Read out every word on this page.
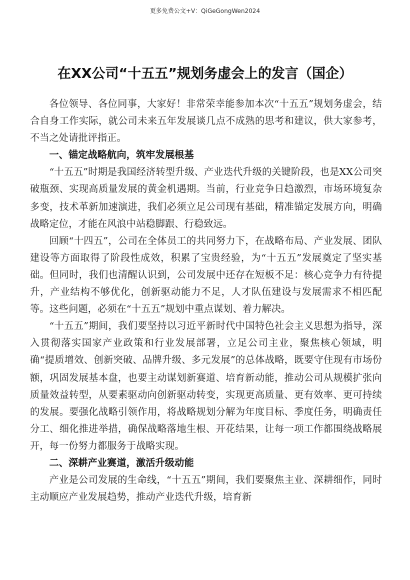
更多免费公文+V：QiGeGongWen2024
在XX公司“十五五”规划务虚会上的发言（国企）

各位领导、各位同事，大家好！非常荣幸能参加本次“十五五”规划务虚会，结合自身工作实际，就公司未来五年发展谈几点不成熟的思考和建议，供大家参考，不当之处请批评指正。

一、锚定战略航向，筑牢发展根基

“十五五”时期是我国经济转型升级、产业迭代升级的关键阶段，也是XX公司突破瓶颈、实现高质量发展的黄金机遇期。当前，行业竞争日趋激烈，市场环境复杂多变，技术革新加速演进，我们必须立足公司现有基础，精准锚定发展方向，明确战略定位，才能在风浪中站稳脚跟、行稳致远。

回顾“十四五”，公司在全体员工的共同努力下，在战略布局、产业发展、团队建设等方面取得了阶段性成效，积累了宝贵经验，为“十五五”发展奠定了坚实基础。但同时，我们也清醒认识到，公司发展中还存在短板不足：核心竞争力有待提升，产业结构不够优化，创新驱动能力不足，人才队伍建设与发展需求不相匹配等。这些问题，必须在“十五五”规划中重点谋划、着力解决。

“十五五”期间，我们要坚持以习近平新时代中国特色社会主义思想为指导，深入贯彻落实国家产业政策和行业发展部署，立足公司主业，聚焦核心领域，明确“提质增效、创新突破、品牌升级、多元发展”的总体战略，既要守住现有市场份额，巩固发展基本盘，也要主动谋划新赛道、培育新动能，推动公司从规模扩张向质量效益转型，从要素驱动向创新驱动转变，实现更高质量、更有效率、更可持续的发展。要强化战略引领作用，将战略规划分解为年度目标、季度任务，明确责任分工、细化推进举措，确保战略落地生根、开花结果，让每一项工作都围绕战略展开，每一份努力都服务于战略实现。

二、深耕产业赛道，激活升级动能

产业是公司发展的生命线，“十五五”期间，我们要聚焦主业、深耕细作，同时主动顺应产业发展趋势，推动产业迭代升级，培育新
